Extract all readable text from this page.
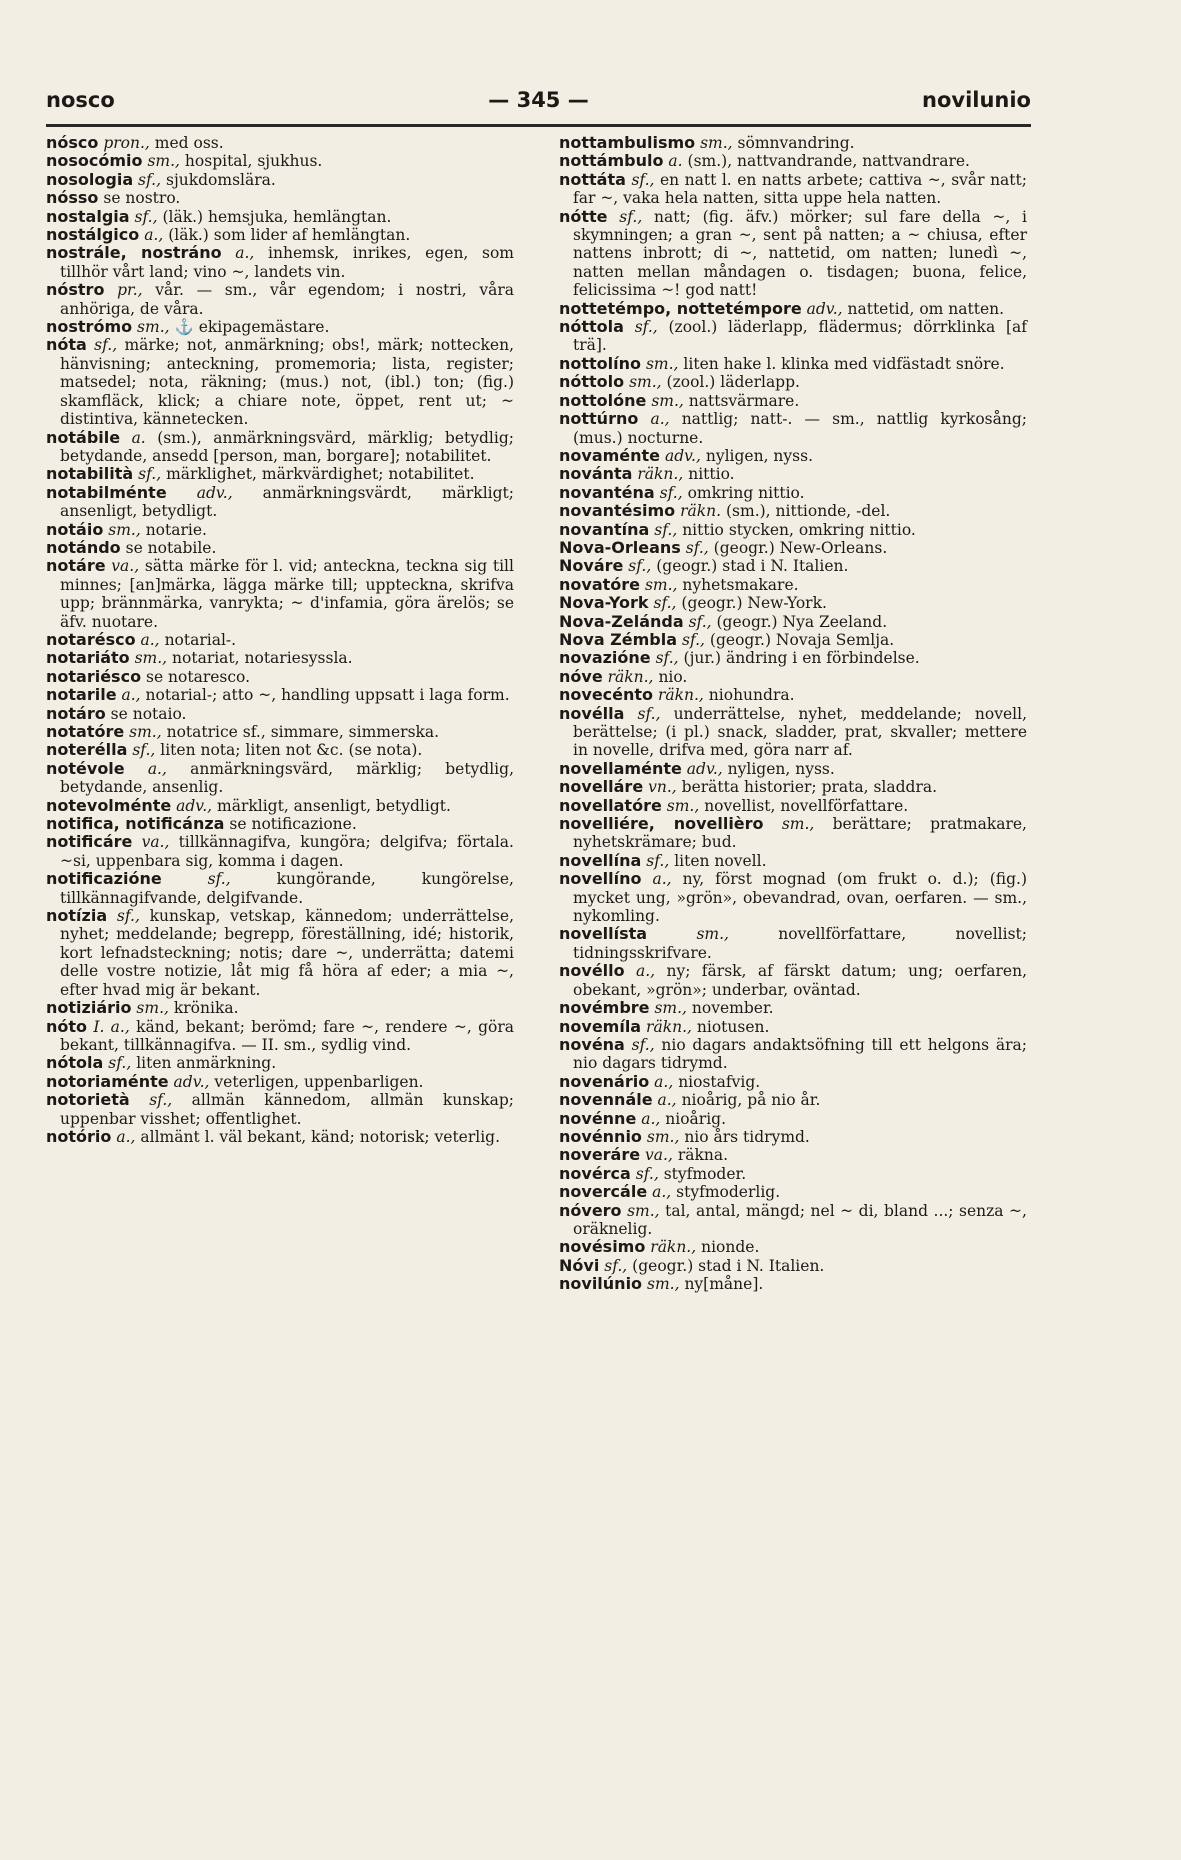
nosco	— 345 —	novilunio
nósco pron., med oss.
nosocómio sm., hospital, sjukhus.
nosologia sf., sjukdomslära.
nósso se nostro.
nostalgia sf., (läk.) hemsjuka, hemlängtan.
nostálgico a., (läk.) som lider af hemlängtan.
nostrále, nostráno a., inhemsk, inrikes, egen, som tillhör vårt land; vino ~, landets vin.
nóstro pr., vår. — sm., vår egendom; i nostri, våra anhöriga, de våra.
nostrómo sm., ⚓ ekipagemästare.
nóta sf., märke; not, anmärkning; obs!, märk; nottecken, hänvisning; anteckning, promemoria; lista, register; matsedel; nota, räkning; (mus.) not, (ibl.) ton; (fig.) skamfläck, klick; a chiare note, öppet, rent ut; ~ distintiva, kännetecken.
notábile a. (sm.), anmärkningsvärd, märklig; betydlig; betydande, ansedd [person, man, borgare]; notabilitet.
notabilità sf., märklighet, märkvärdighet; notabilitet.
notabilménte adv., anmärkningsvärdt, märkligt; ansenligt, betydligt.
notáio sm., notarie.
notándo se notabile.
notáre va., sätta märke för l. vid; anteckna, teckna sig till minnes; [an]märka, lägga märke till; uppteckna, skrifva upp; brännmärka, vanrykta; ~ d'infamia, göra ärelös; se äfv. nuotare.
notarésco a., notarial-.
notariáto sm., notariat, notariesyssla.
notariésco se notaresco.
notarile a., notarial-; atto ~, handling uppsatt i laga form.
notáro se notaio.
notatóre sm., notatrice sf., simmare, simmerska.
noterélla sf., liten nota; liten not &c. (se nota).
notévole a., anmärkningsvärd, märklig; betydlig, betydande, ansenlig.
notevolménte adv., märkligt, ansenligt, betydligt.
notifica, notificánza se notificazione.
notificáre va., tillkännagifva, kungöra; delgifva; förtala. ~si, uppenbara sig, komma i dagen.
notificazióne	sf.,	kungörande, kungörelse, tillkännagifvande, delgifvande.
notízia sf., kunskap, vetskap, kännedom; underrättelse, nyhet; meddelande; begrepp, föreställning, idé; historik, kort lefnadsteckning; notis; dare ~, underrätta; datemi delle vostre notizie, låt mig få höra af eder; a mia ~, efter hvad mig är bekant.
notiziário sm., krönika.
nóto I. a., känd, bekant; berömd; fare ~, rendere ~, göra bekant, tillkännagifva. — II. sm., sydlig vind.
nótola sf., liten anmärkning.
notoriaménte adv., veterligen, uppenbarligen.
notorietà sf., allmän kännedom, allmän kunskap; uppenbar visshet; offentlighet.
notório a., allmänt l. väl bekant, känd; notorisk; veterlig.
nottambulismo sm., sömnvandring.
nottámbulo a. (sm.), nattvandrande, nattvandrare.
nottáta sf., en natt l. en natts arbete; cattiva ~, svår natt; far ~, vaka hela natten, sitta uppe hela natten.
nótte sf., natt; (fig. äfv.) mörker; sul fare della ~, i skymningen; a gran ~, sent på natten; a ~ chiusa, efter nattens inbrott; di ~, nattetid, om natten; lunedì ~, natten mellan måndagen o. tisdagen; buona, felice, felicissima ~! god natt!
nottetémpo, nottetémpore adv., nattetid, om natten.
nóttola sf., (zool.) läderlapp, flädermus; dörrklinka [af trä].
nottolíno sm., liten hake l. klinka med vidfästadt snöre.
nóttolo sm., (zool.) läderlapp.
nottolóne sm., nattsvärmare.
nottúrno a., nattlig; natt-. — sm., nattlig kyrkosång; (mus.) nocturne.
novaménte adv., nyligen, nyss.
novánta räkn., nittio.
novanténa sf., omkring nittio.
novantésimo räkn. (sm.), nittionde, -del.
novantína sf., nittio stycken, omkring nittio.
Nova-Orleans sf., (geogr.) New-Orleans.
Nováre sf., (geogr.) stad i N. Italien.
novatóre sm., nyhetsmakare.
Nova-York sf., (geogr.) New-York.
Nova-Zelánda sf., (geogr.) Nya Zeeland.
Nova Zémbla sf., (geogr.) Novaja Semlja.
novazióne sf., (jur.) ändring i en förbindelse.
nóve räkn., nio.
novecénto räkn., niohundra.
novélla sf., underrättelse, nyhet, meddelande; novell, berättelse; (i pl.) snack, sladder, prat, skvaller; mettere in novelle, drifva med, göra narr af.
novellaménte adv., nyligen, nyss.
novelláre vn., berätta historier; prata, sladdra.
novellatóre sm., novellist, novellförfattare.
novelliére, novellièro sm., berättare; pratmakare, nyhetskrämare; bud.
novellína sf., liten novell.
novellíno a., ny, först mognad (om frukt o. d.); (fig.) mycket ung, »grön», obevandrad, ovan, oerfaren. — sm., nykomling.
novellísta	sm.,	novellförfattare, novellist; tidningsskrifvare.
novéllo a., ny; färsk, af färskt datum; ung; oerfaren, obekant, »grön»; underbar, oväntad.
novémbre sm., november.
novemíla räkn., niotusen.
novéna sf., nio dagars andaktsöfning till ett helgons ära; nio dagars tidrymd.
novenário a., niostafvig.
novennále a., nioårig, på nio år.
novénne a., nioårig.
novénnio sm., nio års tidrymd.
noveráre va., räkna.
novérca sf., styfmoder.
novercále a., styfmoderlig.
nóvero sm., tal, antal, mängd; nel ~ di, bland ...; senza ~, oräknelig.
novésimo räkn., nionde.
Nóvi sf., (geogr.) stad i N. Italien.
novilúnio sm., ny[måne].
